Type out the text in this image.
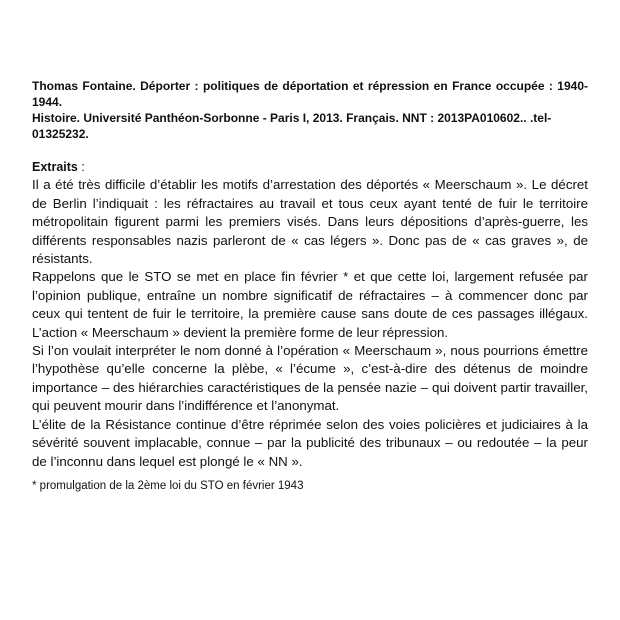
Thomas Fontaine. Déporter : politiques de déportation et répression en France occupée : 1940-1944.

Histoire. Université Panthéon-Sorbonne - Paris I, 2013. Français. NNT : 2013PA010602.. .tel-

01325232.

Extraits :

Il a été très difficile d’établir les motifs d’arrestation des déportés « Meerschaum ». Le décret de Berlin l’indiquait : les réfractaires au travail et tous ceux ayant tenté de fuir le territoire métropolitain figurent parmi les premiers visés. Dans leurs dépositions d’après-guerre, les différents responsables nazis parleront de « cas légers ». Donc pas de « cas graves », de résistants.

Rappelons que le STO se met en place fin février * et que cette loi, largement refusée par l’opinion publique, entraîne un nombre significatif de réfractaires – à commencer donc par ceux qui tentent de fuir le territoire, la première cause sans doute de ces passages illégaux. L’action « Meerschaum » devient la première forme de leur répression.

Si l’on voulait interpréter le nom donné à l’opération « Meerschaum », nous pourrions émettre l’hypothèse qu’elle concerne la plèbe, « l’écume », c’est-à-dire des détenus de moindre importance – des hiérarchies caractéristiques de la pensée nazie – qui doivent partir travailler, qui peuvent mourir dans l’indifférence et l’anonymat.

L’élite de la Résistance continue d’être réprimée selon des voies policières et judiciaires à la sévérité souvent implacable, connue – par la publicité des tribunaux – ou redoutée – la peur de l’inconnu dans lequel est plongé le « NN ».

* promulgation de la 2ème loi du STO en février 1943
